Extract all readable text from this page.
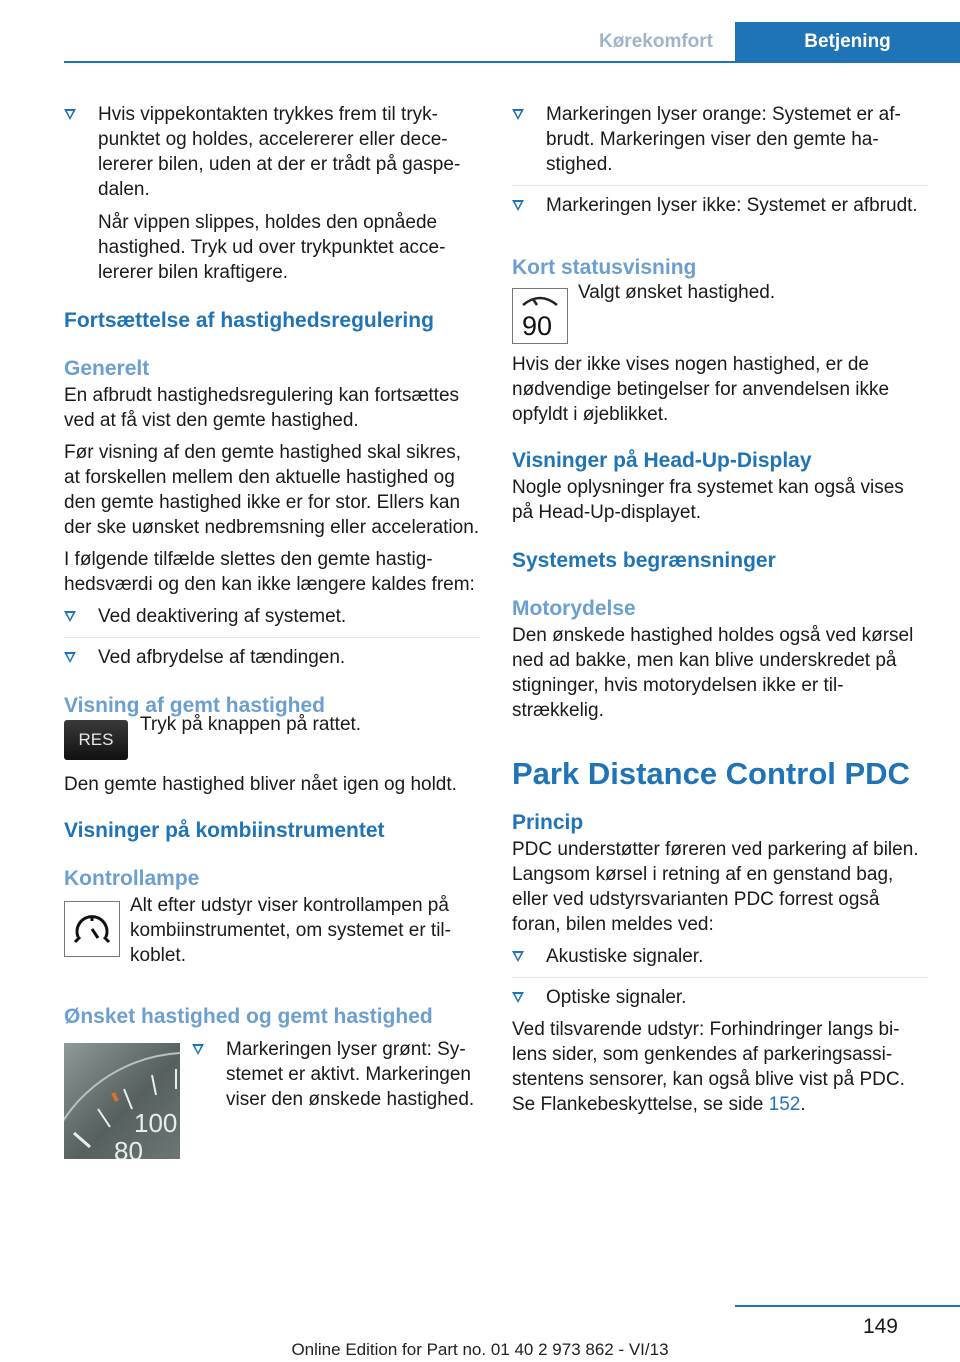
Kørekomfort	Betjening

Hvis vippekontakten trykkes frem til trykpunktet og holdes, accelererer eller decelererer bilen, uden at der er trådt på gaspedalen.

Når vippen slippes, holdes den opnåede hastighed. Tryk ud over trykpunktet accelererer bilen kraftigere.

Fortsættelse af hastighedsregulering
Generelt

En afbrudt hastighedsregulering kan fortsættes ved at få vist den gemte hastighed.

Før visning af den gemte hastighed skal sikres, at forskellen mellem den aktuelle hastighed og den gemte hastighed ikke er for stor. Ellers kan der ske uønsket nedbremsning eller acceleration.

I følgende tilfælde slettes den gemte hastighedsværdi og den kan ikke længere kaldes frem:

Ved deaktivering af systemet.

Ved afbrydelse af tændingen.

Visning af gemt hastighed
RES

Tryk på knappen på rattet.

Den gemte hastighed bliver nået igen og holdt.

Visninger på kombiinstrumentet
Kontrollampe

Alt efter udstyr viser kontrollampen på kombiinstrumentet, om systemet er tilkoblet.

Ønsket hastighed og gemt hastighed
100
80

Markeringen lyser grønt: Systemet er aktivt. Markeringen viser den ønskede hastighed.

Markeringen lyser orange: Systemet er afbrudt. Markeringen viser den gemte hastighed.

Markeringen lyser ikke: Systemet er afbrudt.

Kort statusvisning
90

Valgt ønsket hastighed.

Hvis der ikke vises nogen hastighed, er de nødvendige betingelser for anvendelsen ikke opfyldt i øjeblikket.

Visninger på Head-Up-Display

Nogle oplysninger fra systemet kan også vises på Head-Up-displayet.

Systemets begrænsninger
Motorydelse

Den ønskede hastighed holdes også ved kørsel ned ad bakke, men kan blive underskredet på stigninger, hvis motorydelsen ikke er tilstrækkelig.

Park Distance Control PDC
Princip

PDC understøtter føreren ved parkering af bilen. Langsom kørsel i retning af en genstand bag, eller ved udstyrsvarianten PDC forrest også foran, bilen meldes ved:

Akustiske signaler.

Optiske signaler.

Ved tilsvarende udstyr: Forhindringer langs bilens sider, som genkendes af parkeringsassistentens sensorer, kan også blive vist på PDC. Se Flankebeskyttelse, se side 152.

149
Online Edition for Part no. 01 40 2 973 862 - VI/13
